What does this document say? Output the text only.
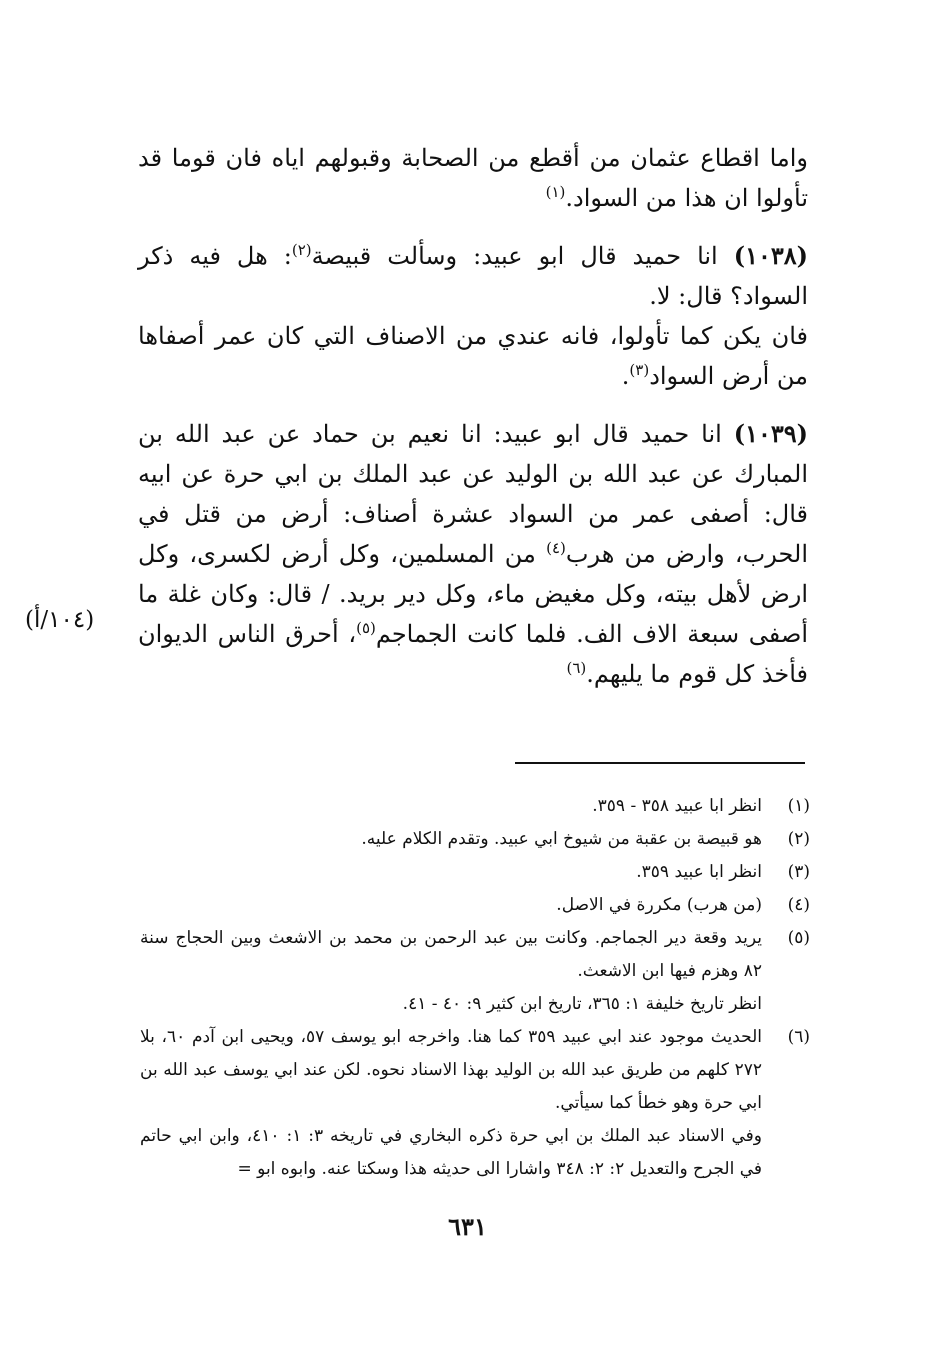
واما اقطاع عثمان من أقطع من الصحابة وقبولهم اياه فان قوما قد تأولوا ان هذا من السواد.$^{(١)}$

(١٠٣٨) انا حميد قال ابو عبيد: وسألت قبيصة$^{(٢)}$: هل فيه ذكر السواد؟ قال: لا.

فان يكن كما تأولوا، فانه عندي من الاصناف التي كان عمر أصفاها من أرض السواد$^{(٣)}$.

(١٠٣٩) انا حميد قال ابو عبيد: انا نعيم بن حماد عن عبد الله بن المبارك عن عبد الله بن الوليد عن عبد الملك بن ابي حرة عن ابيه قال: أصفى عمر من السواد عشرة أصناف: أرض من قتل في الحرب، وارض من هرب$^{(٤)}$ من المسلمين، وكل أرض لكسرى، وكل ارض لأهل بيته، وكل مغيض ماء، وكل دير بريد. / قال: وكان غلة ما أصفى سبعة الاف الف. فلما كانت الجماجم$^{(٥)}$، أحرق الناس الديوان فأخذ كل قوم ما يليهم.$^{(٦)}$

(١٠٤/أ)
(١)
انظر ابا عبيد ٣٥٨ - ٣٥٩.
(٢)
هو قبيصة بن عقبة من شيوخ ابي عبيد. وتقدم الكلام عليه.
(٣)
انظر ابا عبيد ٣٥٩.
(٤)
(من هرب) مكررة في الاصل.
(٥)
يريد وقعة دير الجماجم. وكانت بين عبد الرحمن بن محمد بن الاشعث وبين الحجاج سنة ٨٢ وهزم فيها ابن الاشعث.
انظر تاريخ خليفة ١: ٣٦٥، تاريخ ابن كثير ٩: ٤٠ - ٤١.
(٦)
الحديث موجود عند ابي عبيد ٣٥٩ كما هنا. واخرجه ابو يوسف ٥٧، ويحيى ابن آدم ٦٠، بلا ٢٧٢ كلهم من طريق عبد الله بن الوليد بهذا الاسناد نحوه. لكن عند ابي يوسف عبد الله بن ابي حرة وهو خطأ كما سيأتي.
وفي الاسناد عبد الملك بن ابي حرة ذكره البخاري في تاريخه ٣: ١: ٤١٠، وابن ابي حاتم في الجرح والتعديل ٢: ٢: ٣٤٨ واشارا الى حديثه هذا وسكتا عنه. وابوه ابو =
٦٣١
